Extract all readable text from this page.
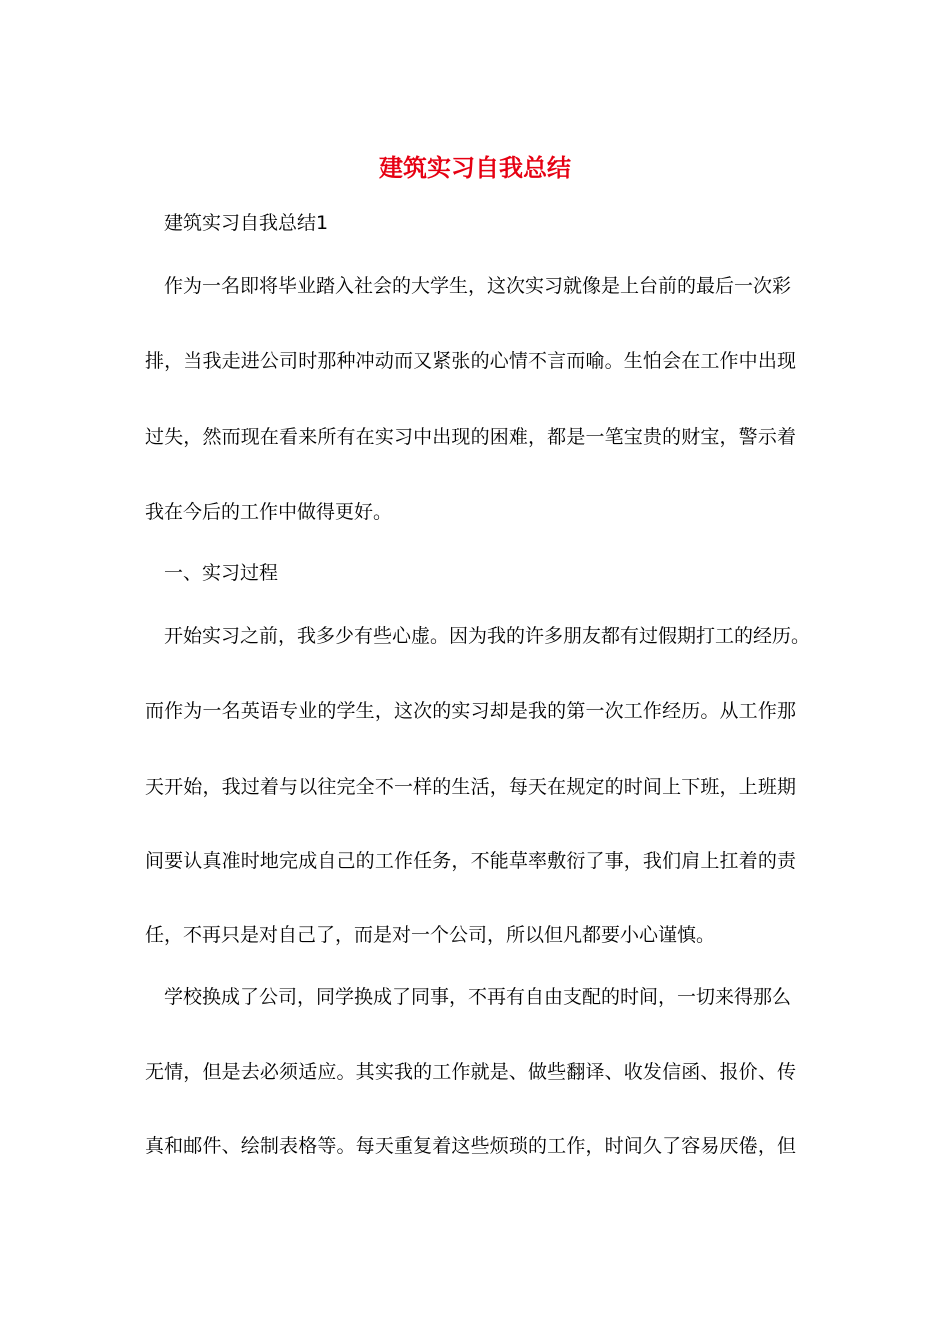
建筑实习自我总结

建筑实习自我总结1

作为一名即将毕业踏入社会的大学生，这次实习就像是上台前的最后一次彩

排，当我走进公司时那种冲动而又紧张的心情不言而喻。生怕会在工作中出现

过失，然而现在看来所有在实习中出现的困难，都是一笔宝贵的财宝，警示着

我在今后的工作中做得更好。

一、实习过程

开始实习之前，我多少有些心虚。因为我的许多朋友都有过假期打工的经历。

而作为一名英语专业的学生，这次的实习却是我的第一次工作经历。从工作那

天开始，我过着与以往完全不一样的生活，每天在规定的时间上下班，上班期

间要认真准时地完成自己的工作任务，不能草率敷衍了事，我们肩上扛着的责

任，不再只是对自己了，而是对一个公司，所以但凡都要小心谨慎。

学校换成了公司，同学换成了同事，不再有自由支配的时间，一切来得那么

无情，但是去必须适应。其实我的工作就是、做些翻译、收发信函、报价、传

真和邮件、绘制表格等。每天重复着这些烦琐的工作，时间久了容易厌倦，但
